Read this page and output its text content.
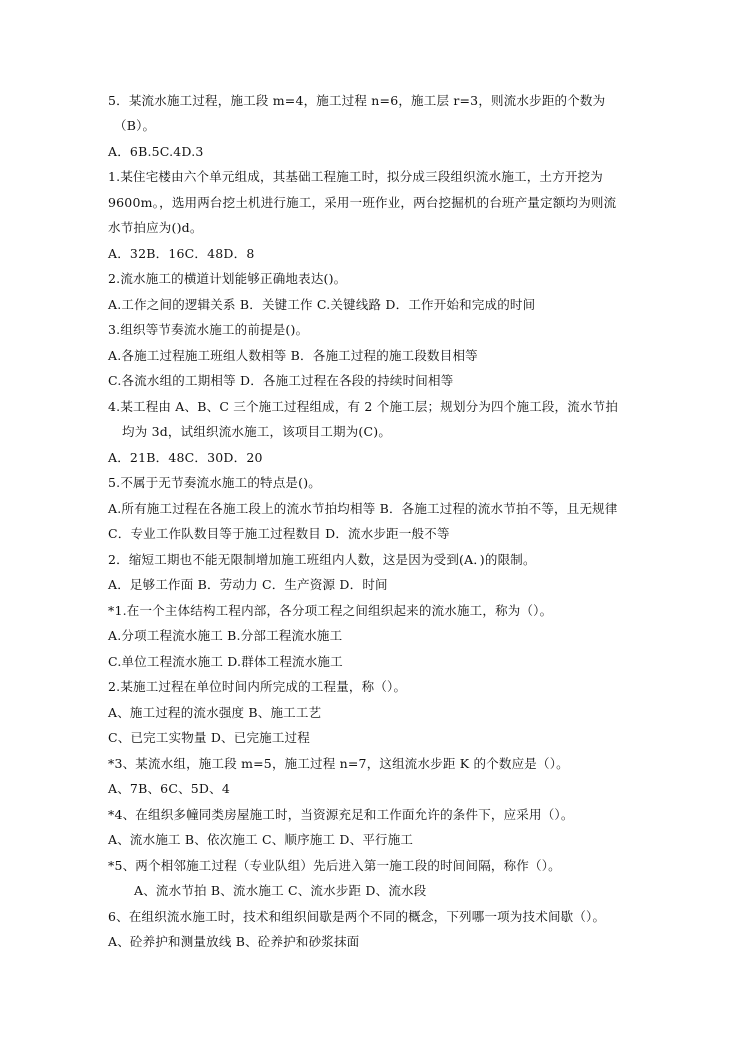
5．某流水施工过程，施工段 m=4，施工过程 n=6，施工层 r=3，则流水步距的个数为
（B）。
A．6B.5C.4D.3
1.某住宅楼由六个单元组成，其基础工程施工时，拟分成三段组织流水施工，土方开挖为
9600m。，选用两台挖土机进行施工，采用一班作业，两台挖掘机的台班产量定额均为则流
水节拍应为()d。
A．32B．16C．48D．8
2.流水施工的横道计划能够正确地表达()。
A.工作之间的逻辑关系 B．关键工作 C.关键线路 D．工作开始和完成的时间
3.组织等节奏流水施工的前提是()。
A.各施工过程施工班组人数相等 B．各施工过程的施工段数目相等
C.各流水组的工期相等 D．各施工过程在各段的持续时间相等
4.某工程由 A、B、C 三个施工过程组成，有 2 个施工层；规划分为四个施工段，流水节拍
均为 3d，试组织流水施工，该项目工期为(C)。
A．21B．48C．30D．20
5.不属于无节奏流水施工的特点是()。
A.所有施工过程在各施工段上的流水节拍均相等 B．各施工过程的流水节拍不等，且无规律
C．专业工作队数目等于施工过程数目 D．流水步距一般不等
2．缩短工期也不能无限制增加施工班组内人数，这是因为受到(A．)的限制。
A．足够工作面 B．劳动力 C．生产资源 D．时间
*1.在一个主体结构工程内部，各分项工程之间组织起来的流水施工，称为（）。
A.分项工程流水施工 B.分部工程流水施工
C.单位工程流水施工 D.群体工程流水施工
2.某施工过程在单位时间内所完成的工程量，称（）。
A、施工过程的流水强度 B、施工工艺
C、已完工实物量 D、已完施工过程
*3、某流水组，施工段 m=5，施工过程 n=7，这组流水步距 K 的个数应是（）。
A、7B、6C、5D、4
*4、在组织多幢同类房屋施工时，当资源充足和工作面允许的条件下，应采用（）。
A、流水施工 B、依次施工 C、顺序施工 D、平行施工
*5、两个相邻施工过程（专业队组）先后进入第一施工段的时间间隔，称作（）。
A、流水节拍 B、流水施工 C、流水步距 D、流水段
6、在组织流水施工时，技术和组织间歇是两个不同的概念，下列哪一项为技术间歇（）。
A、砼养护和测量放线 B、砼养护和砂浆抹面
